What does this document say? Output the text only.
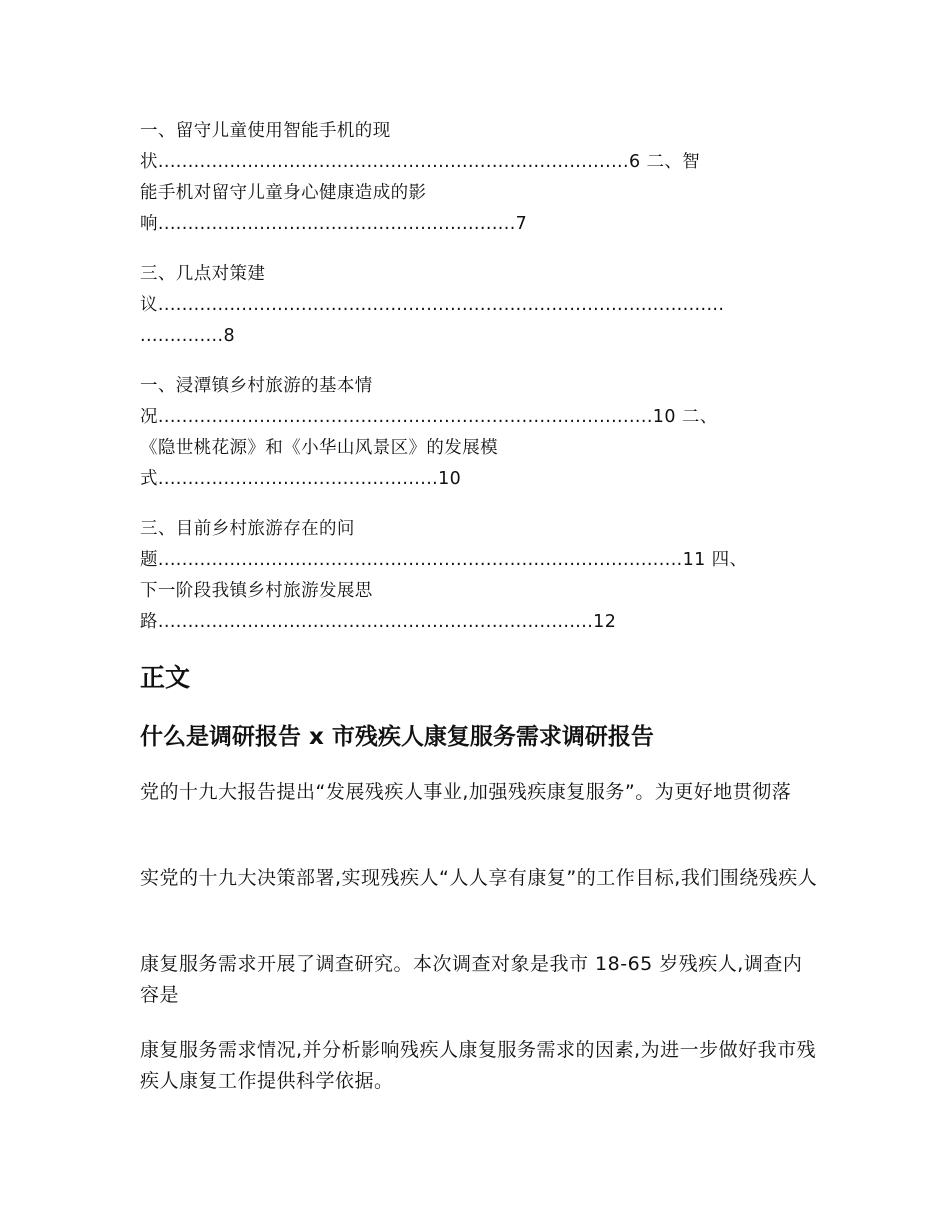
一、留守儿童使用智能手机的现
状...............................................................................6 二、智
能手机对留守儿童身心健康造成的影
响............................................................7
三、几点对策建
议...............................................................................................
..............8
一、浸潭镇乡村旅游的基本情
况...................................................................................10 二、
《隐世桃花源》和《小华山风景区》的发展模
式...............................................10
三、目前乡村旅游存在的问
题........................................................................................11 四、
下一阶段我镇乡村旅游发展思
路.........................................................................12
正文
什么是调研报告 x 市残疾人康复服务需求调研报告

党的十九大报告提出“发展残疾人事业,加强残疾康复服务”。为更好地贯彻落

实党的十九大决策部署,实现残疾人“人人享有康复”的工作目标,我们围绕残疾人

康复服务需求开展了调查研究。本次调查对象是我市 18-65 岁残疾人,调查内容是

康复服务需求情况,并分析影响残疾人康复服务需求的因素,为进一步做好我市残疾人康复工作提供科学依据。
